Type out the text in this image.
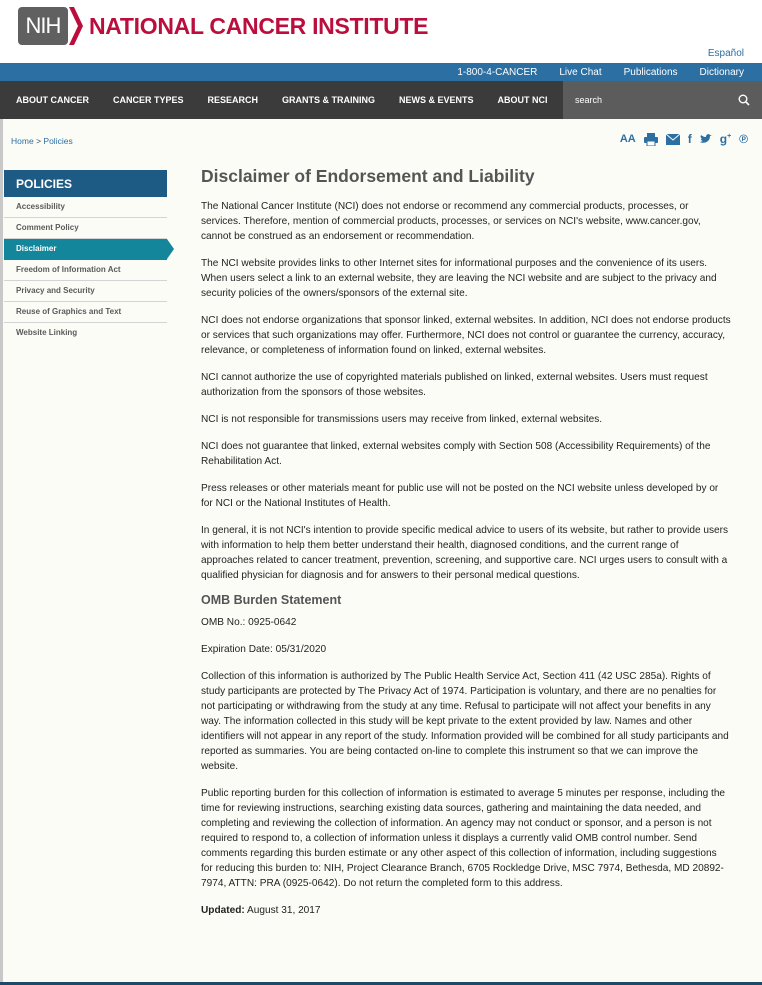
NIH	NATIONAL CANCER INSTITUTE
Español
1-800-4-CANCER Live Chat Publications Dictionary
ABOUT CANCER	CANCER TYPES	RESEARCH	GRANTS & TRAINING	NEWS & EVENTS	ABOUT NCI
search
Home > Policies	AA	f g+ ℗
POLICIES
Accessibility
Comment Policy
Disclaimer
Freedom of Information Act
Privacy and Security
Reuse of Graphics and Text
Website Linking
Disclaimer of Endorsement and Liability

The National Cancer Institute (NCI) does not endorse or recommend any commercial products, processes, or services. Therefore, mention of commercial products, processes, or services on NCI's website, www.cancer.gov, cannot be construed as an endorsement or recommendation.

The NCI website provides links to other Internet sites for informational purposes and the convenience of its users. When users select a link to an external website, they are leaving the NCI website and are subject to the privacy and security policies of the owners/sponsors of the external site.

NCI does not endorse organizations that sponsor linked, external websites. In addition, NCI does not endorse products or services that such organizations may offer. Furthermore, NCI does not control or guarantee the currency, accuracy, relevance, or completeness of information found on linked, external websites.

NCI cannot authorize the use of copyrighted materials published on linked, external websites. Users must request authorization from the sponsors of those websites.

NCI is not responsible for transmissions users may receive from linked, external websites.

NCI does not guarantee that linked, external websites comply with Section 508 (Accessibility Requirements) of the Rehabilitation Act.

Press releases or other materials meant for public use will not be posted on the NCI website unless developed by or for NCI or the National Institutes of Health.

In general, it is not NCI's intention to provide specific medical advice to users of its website, but rather to provide users with information to help them better understand their health, diagnosed conditions, and the current range of approaches related to cancer treatment, prevention, screening, and supportive care. NCI urges users to consult with a qualified physician for diagnosis and for answers to their personal medical questions.

OMB Burden Statement

OMB No.: 0925-0642

Expiration Date: 05/31/2020

Collection of this information is authorized by The Public Health Service Act, Section 411 (42 USC 285a). Rights of study participants are protected by The Privacy Act of 1974. Participation is voluntary, and there are no penalties for not participating or withdrawing from the study at any time. Refusal to participate will not affect your benefits in any way. The information collected in this study will be kept private to the extent provided by law. Names and other identifiers will not appear in any report of the study. Information provided will be combined for all study participants and reported as summaries. You are being contacted on-line to complete this instrument so that we can improve the website.

Public reporting burden for this collection of information is estimated to average 5 minutes per response, including the time for reviewing instructions, searching existing data sources, gathering and maintaining the data needed, and completing and reviewing the collection of information. An agency may not conduct or sponsor, and a person is not required to respond to, a collection of information unless it displays a currently valid OMB control number. Send comments regarding this burden estimate or any other aspect of this collection of information, including suggestions for reducing this burden to: NIH, Project Clearance Branch, 6705 Rockledge Drive, MSC 7974, Bethesda, MD 20892-7974, ATTN: PRA (0925-0642). Do not return the completed form to this address.

Updated: August 31, 2017
